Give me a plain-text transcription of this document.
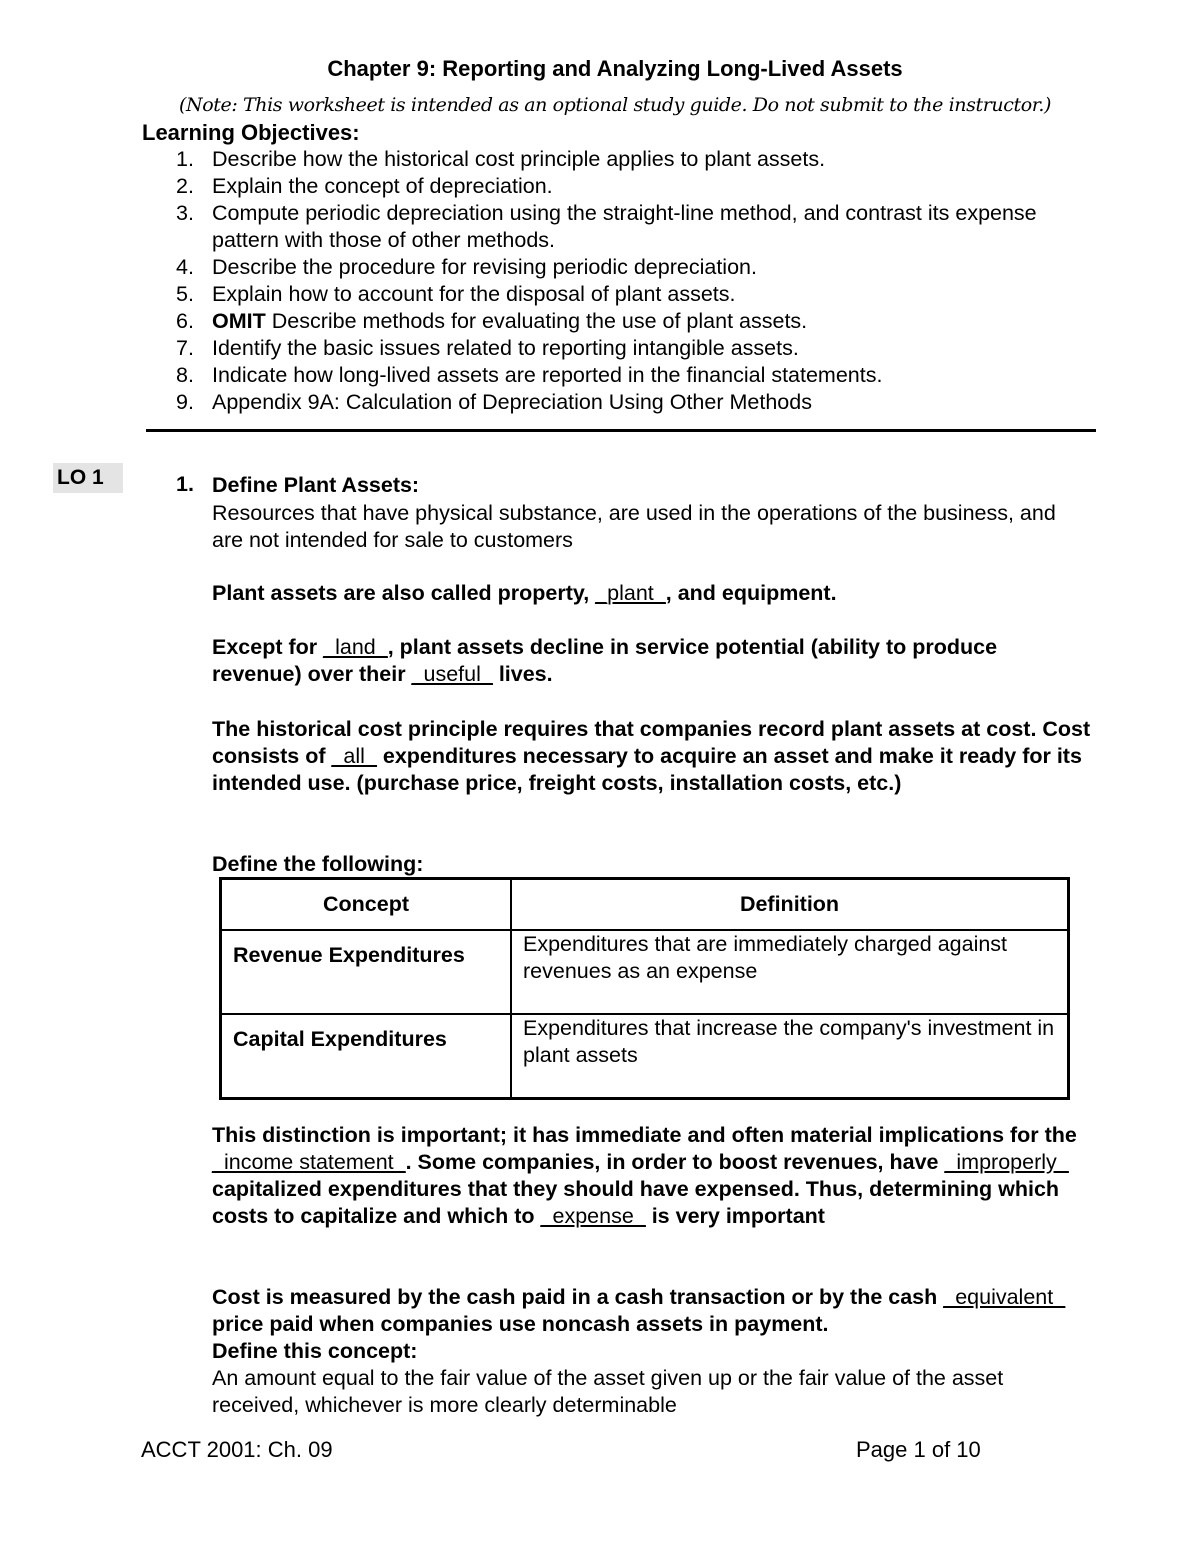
Chapter 9: Reporting and Analyzing Long-Lived Assets
(Note: This worksheet is intended as an optional study guide. Do not submit to the instructor.)
Learning Objectives:
1. Describe how the historical cost principle applies to plant assets.
2. Explain the concept of depreciation.
3. Compute periodic depreciation using the straight-line method, and contrast its expense pattern with those of other methods.
4. Describe the procedure for revising periodic depreciation.
5. Explain how to account for the disposal of plant assets.
6. OMIT Describe methods for evaluating the use of plant assets.
7. Identify the basic issues related to reporting intangible assets.
8. Indicate how long-lived assets are reported in the financial statements.
9. Appendix 9A: Calculation of Depreciation Using Other Methods
LO 1	1. Define Plant Assets:
Resources that have physical substance, are used in the operations of the business, and are not intended for sale to customers
Plant assets are also called property, _plant_, and equipment.
Except for _land_, plant assets decline in service potential (ability to produce revenue) over their _useful_ lives.
The historical cost principle requires that companies record plant assets at cost. Cost consists of _all_ expenditures necessary to acquire an asset and make it ready for its intended use. (purchase price, freight costs, installation costs, etc.)
Define the following:
Concept	Definition
Revenue Expenditures	Expenditures that are immediately charged against revenues as an expense
Capital Expenditures	Expenditures that increase the company's investment in plant assets
This distinction is important; it has immediate and often material implications for the _income statement_. Some companies, in order to boost revenues, have _improperly_ capitalized expenditures that they should have expensed. Thus, determining which costs to capitalize and which to _expense_ is very important
Cost is measured by the cash paid in a cash transaction or by the cash _equivalent_ price paid when companies use noncash assets in payment.
Define this concept:
An amount equal to the fair value of the asset given up or the fair value of the asset received, whichever is more clearly determinable
ACCT 2001: Ch. 09	Page 1 of 10
